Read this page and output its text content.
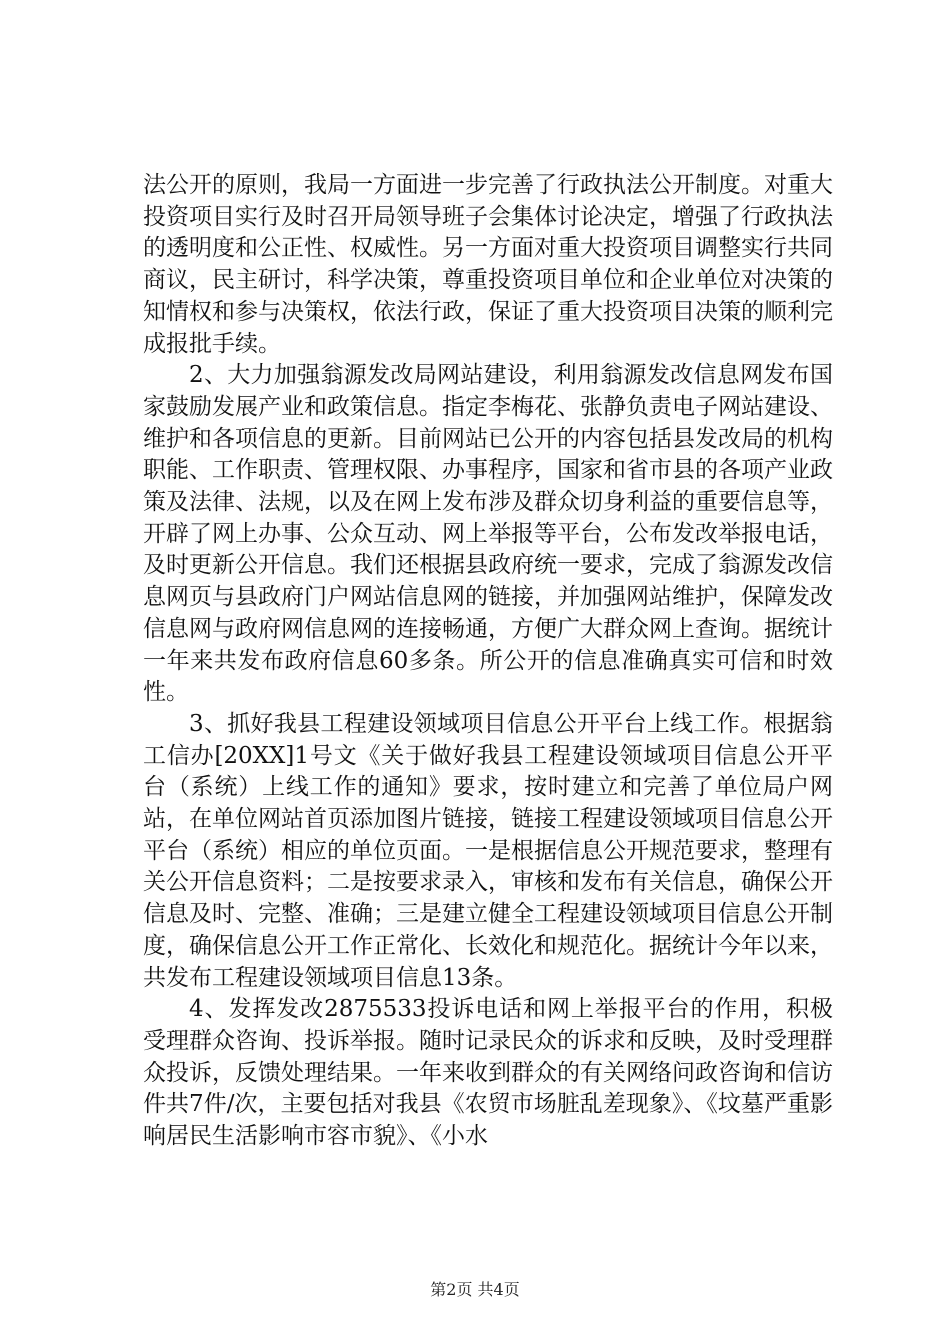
法公开的原则，我局一方面进一步完善了行政执法公开制度。对重大投资项目实行及时召开局领导班子会集体讨论决定，增强了行政执法的透明度和公正性、权威性。另一方面对重大投资项目调整实行共同商议，民主研讨，科学决策，尊重投资项目单位和企业单位对决策的知情权和参与决策权，依法行政，保证了重大投资项目决策的顺利完成报批手续。

2、大力加强翁源发改局网站建设，利用翁源发改信息网发布国家鼓励发展产业和政策信息。指定李梅花、张静负责电子网站建设、维护和各项信息的更新。目前网站已公开的内容包括县发改局的机构职能、工作职责、管理权限、办事程序，国家和省市县的各项产业政策及法律、法规，以及在网上发布涉及群众切身利益的重要信息等，开辟了网上办事、公众互动、网上举报等平台，公布发改举报电话，及时更新公开信息。我们还根据县政府统一要求，完成了翁源发改信息网页与县政府门户网站信息网的链接，并加强网站维护，保障发改信息网与政府网信息网的连接畅通，方便广大群众网上查询。据统计一年来共发布政府信息60多条。所公开的信息准确真实可信和时效性。

3、抓好我县工程建设领域项目信息公开平台上线工作。根据翁工信办[20XX]1号文《关于做好我县工程建设领域项目信息公开平台（系统）上线工作的通知》要求，按时建立和完善了单位局户网站，在单位网站首页添加图片链接，链接工程建设领域项目信息公开平台（系统）相应的单位页面。一是根据信息公开规范要求，整理有关公开信息资料；二是按要求录入，审核和发布有关信息，确保公开信息及时、完整、准确；三是建立健全工程建设领域项目信息公开制度，确保信息公开工作正常化、长效化和规范化。据统计今年以来，共发布工程建设领域项目信息13条。

4、发挥发改2875533投诉电话和网上举报平台的作用，积极受理群众咨询、投诉举报。随时记录民众的诉求和反映，及时受理群众投诉，反馈处理结果。一年来收到群众的有关网络问政咨询和信访件共7件/次，主要包括对我县《农贸市场脏乱差现象》、《坟墓严重影响居民生活影响市容市貌》、《小水

第2页 共4页
